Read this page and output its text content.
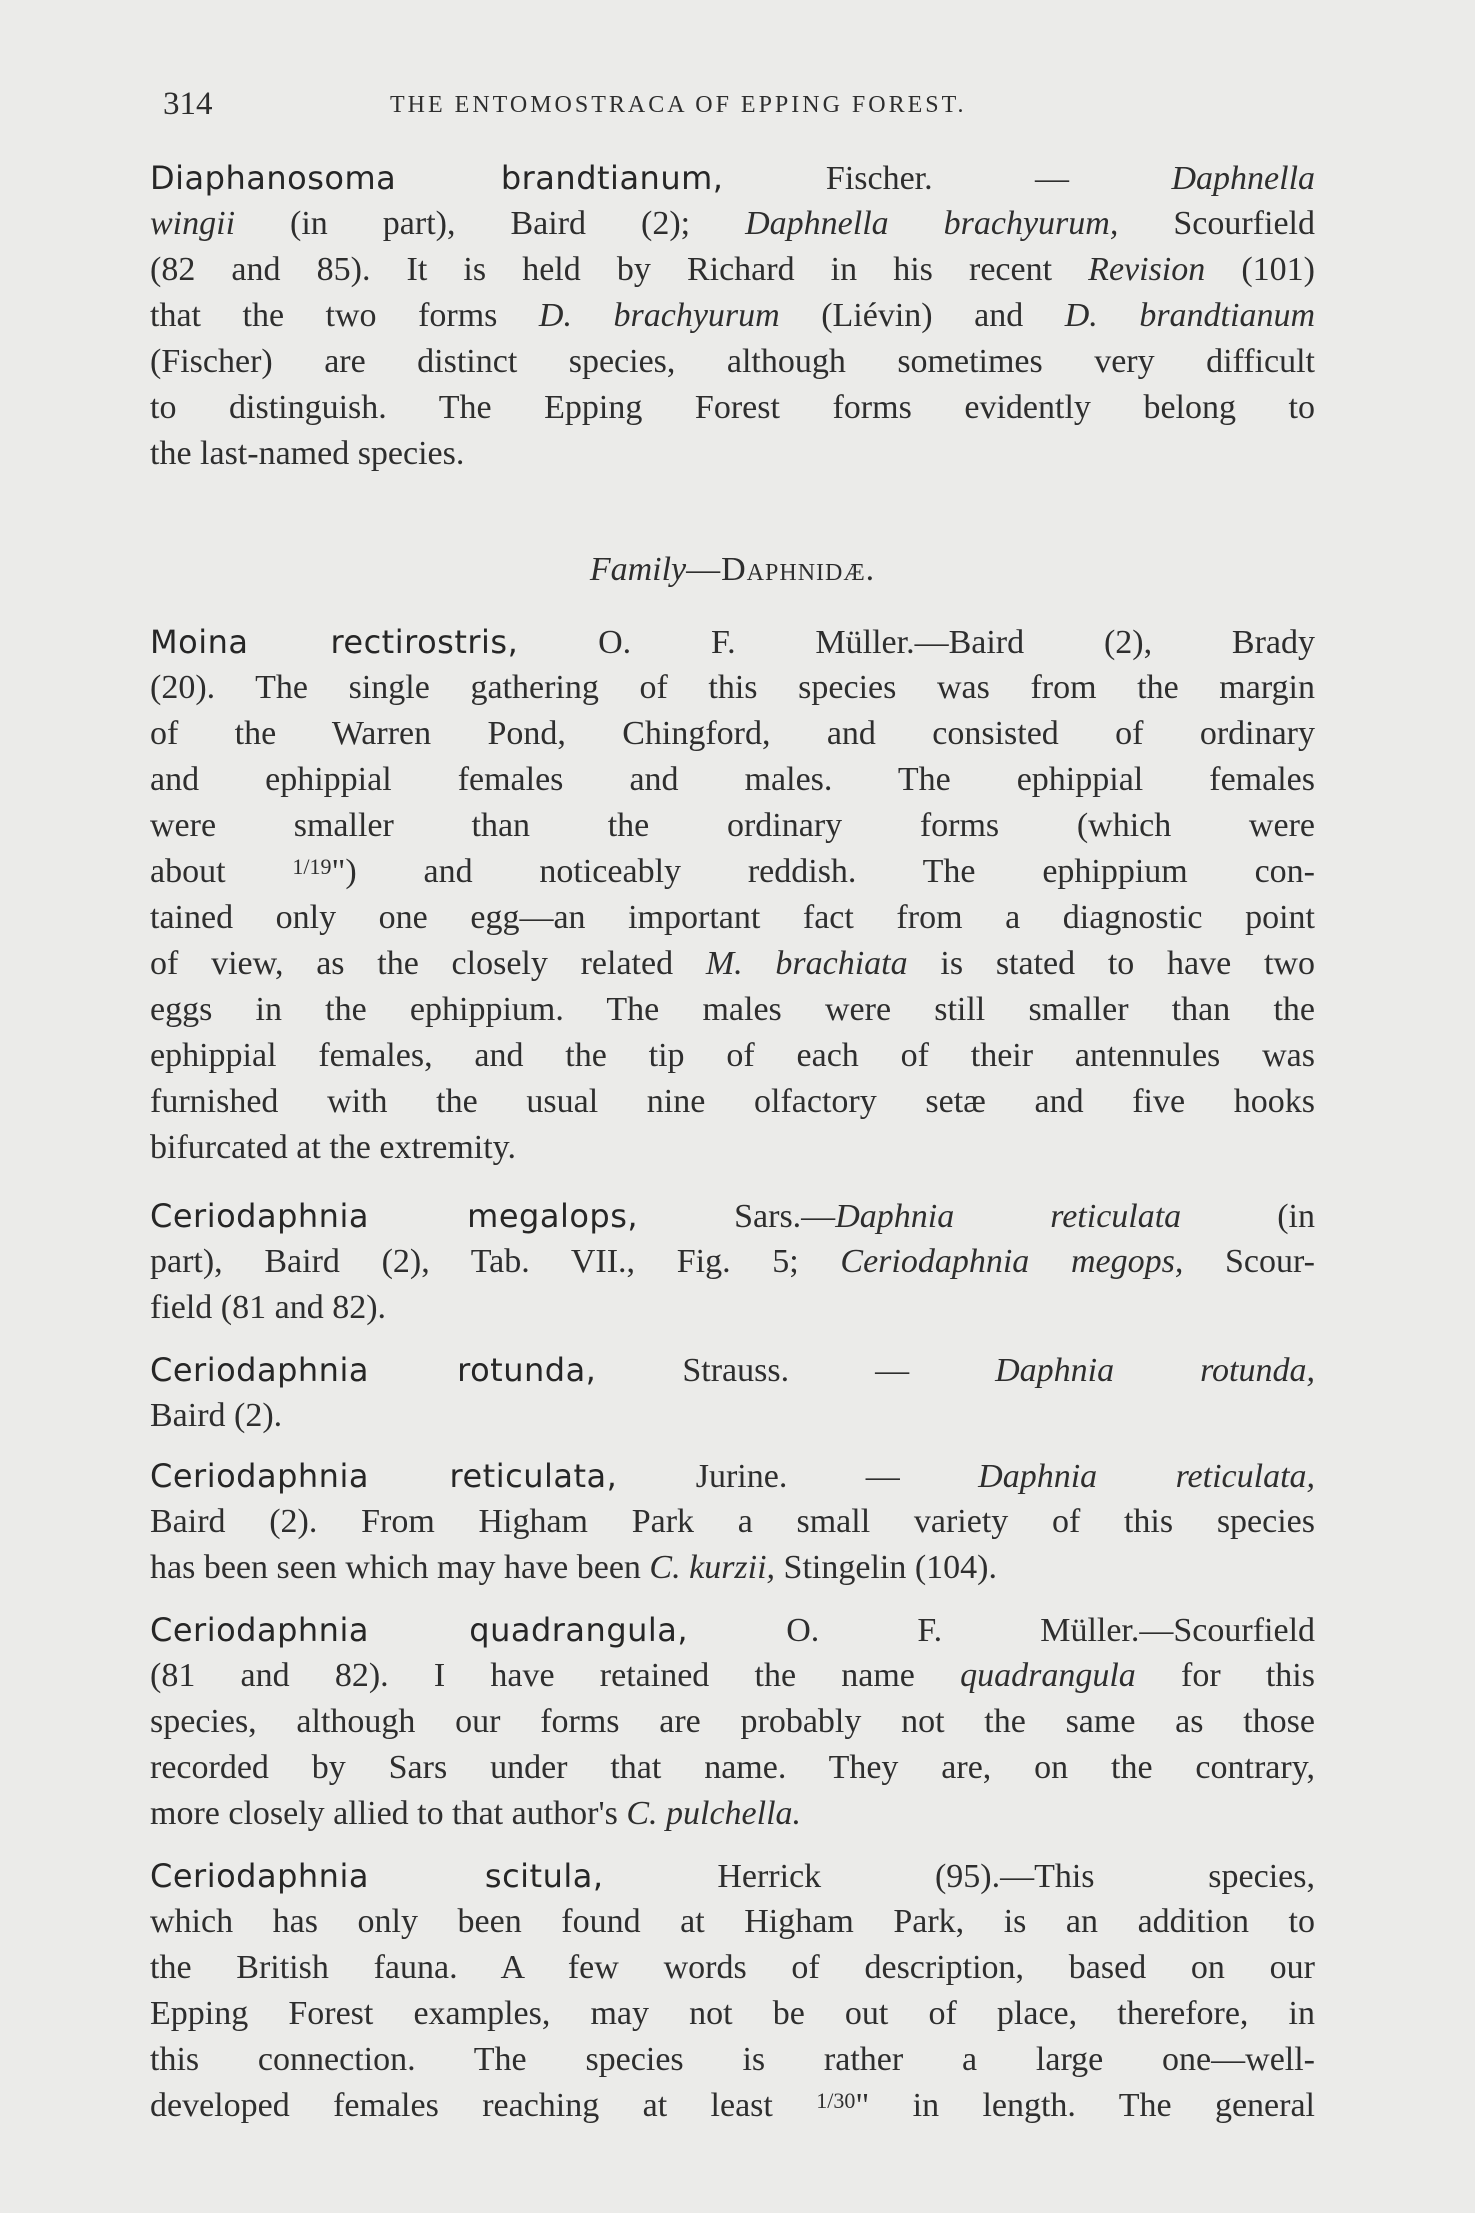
314	THE ENTOMOSTRACA OF EPPING FOREST.
Diaphanosoma brandtianum,	Fischer. — Daphnella
wingii (in part), Baird (2); Daphnella brachyurum, Scourfield
(82 and 85). It is held by Richard in his recent Revision (101)
that the two forms D. brachyurum (Liévin) and D. brandtianum
(Fischer) are distinct species, although sometimes very difficult
to distinguish. The Epping Forest forms evidently belong to
the last-named species.
Family—Daphnidæ.
Moina rectirostris, O. F. Müller.—Baird (2), Brady
(20). The single gathering of this species was from the margin
of the Warren Pond, Chingford, and consisted of ordinary
and ephippial females and males. The ephippial females
were smaller than the ordinary forms (which were
about $^{1/19}$") and noticeably reddish. The ephippium con-
tained only one egg—an important fact from a diagnostic point
of view, as the closely related M. brachiata is stated to have two
eggs in the ephippium. The males were still smaller than the
ephippial females, and the tip of each of their antennules was
furnished with the usual nine olfactory setæ and five hooks
bifurcated at the extremity.
Ceriodaphnia megalops, Sars.—Daphnia reticulata (in
part), Baird (2), Tab. VII., Fig. 5; Ceriodaphnia megops, Scour-
field (81 and 82).
Ceriodaphnia rotunda, Strauss. — Daphnia rotunda,
Baird (2).
Ceriodaphnia reticulata, Jurine. — Daphnia reticulata,
Baird (2). From Higham Park a small variety of this species
has been seen which may have been C. kurzii, Stingelin (104).
Ceriodaphnia quadrangula, O. F. Müller.—Scourfield
(81 and 82). I have retained the name quadrangula for this
species, although our forms are probably not the same as those
recorded by Sars under that name. They are, on the contrary,
more closely allied to that author's C. pulchella.
Ceriodaphnia scitula, Herrick (95).—This species,
which has only been found at Higham Park, is an addition to
the British fauna. A few words of description, based on our
Epping Forest examples, may not be out of place, therefore, in
this connection. The species is rather a large one—well-
developed females reaching at least $^{1/30}$" in length. The general
